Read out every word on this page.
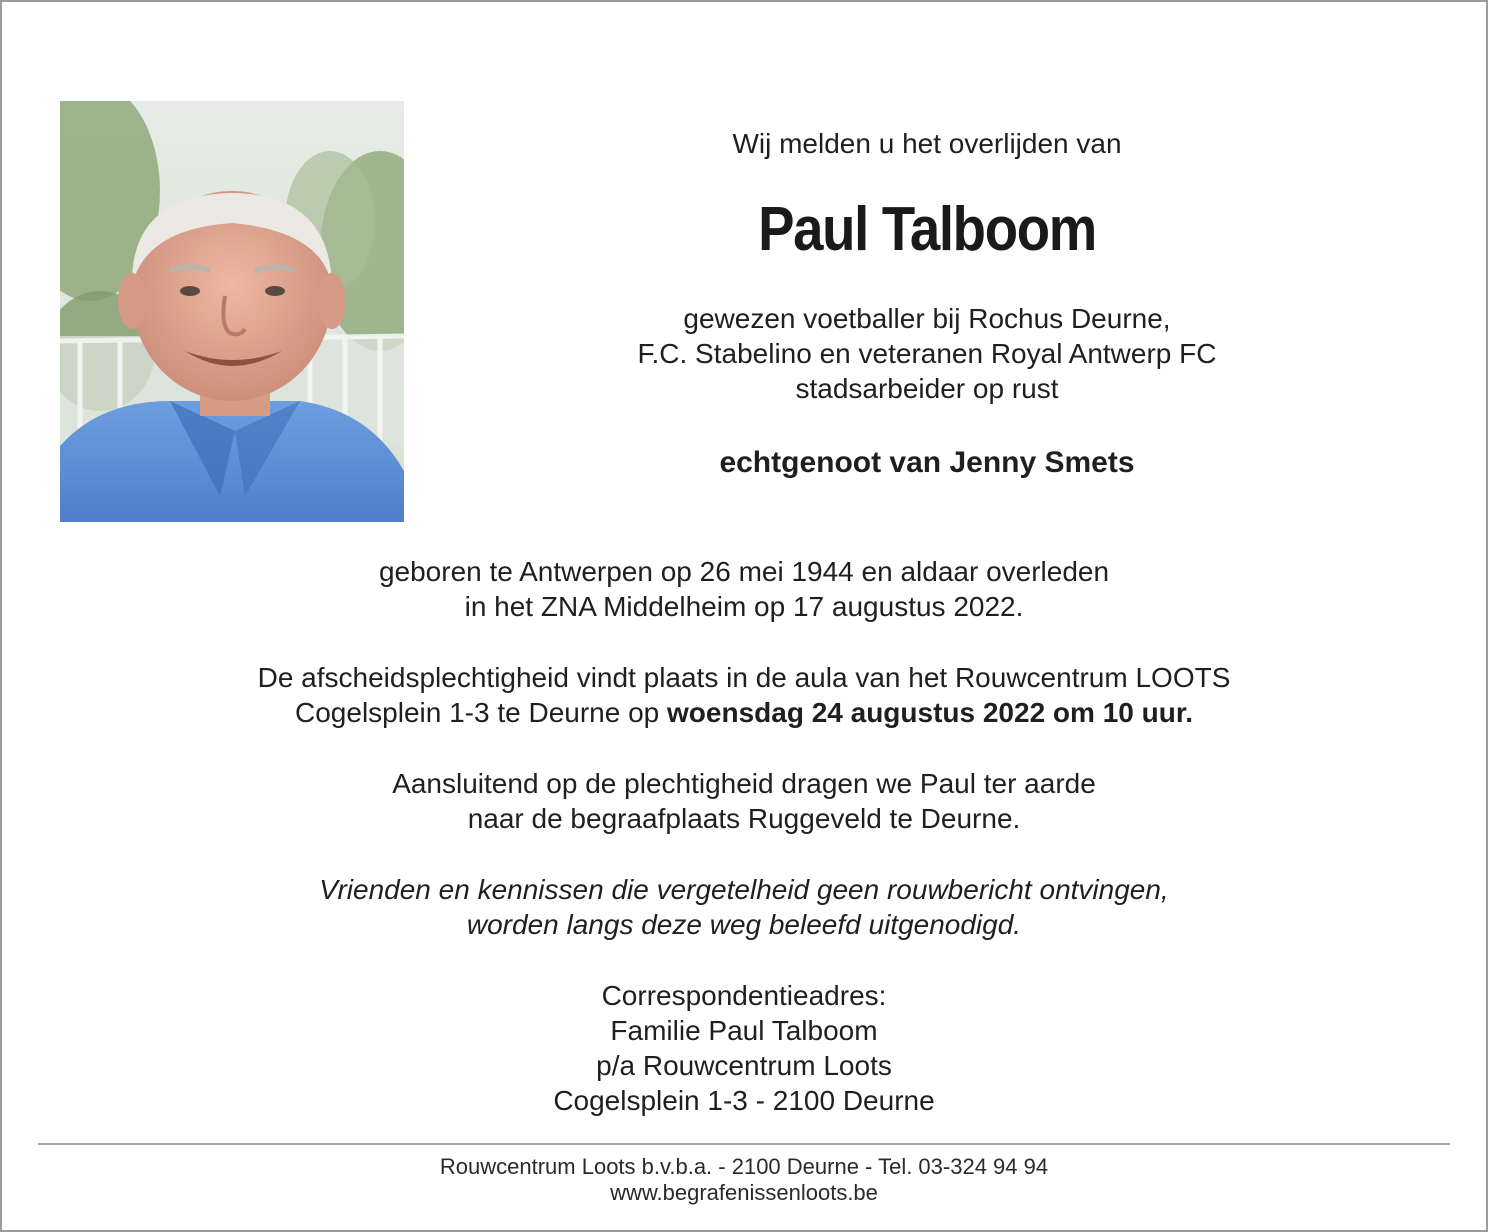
Wij melden u het overlijden van
Paul Talboom
gewezen voetballer bij Rochus Deurne,
F.C. Stabelino en veteranen Royal Antwerp FC
stadsarbeider op rust
echtgenoot van Jenny Smets
geboren te Antwerpen op 26 mei 1944 en aldaar overleden
in het ZNA Middelheim op 17 augustus 2022.
De afscheidsplechtigheid vindt plaats in de aula van het Rouwcentrum LOOTS
Cogelsplein 1-3 te Deurne op woensdag 24 augustus 2022 om 10 uur.
Aansluitend op de plechtigheid dragen we Paul ter aarde
naar de begraafplaats Ruggeveld te Deurne.
Vrienden en kennissen die vergetelheid geen rouwbericht ontvingen,
worden langs deze weg beleefd uitgenodigd.
Correspondentieadres:
Familie Paul Talboom
p/a Rouwcentrum Loots
Cogelsplein 1-3 - 2100 Deurne
Rouwcentrum Loots b.v.b.a. - 2100 Deurne - Tel. 03-324 94 94
www.begrafenissenloots.be
